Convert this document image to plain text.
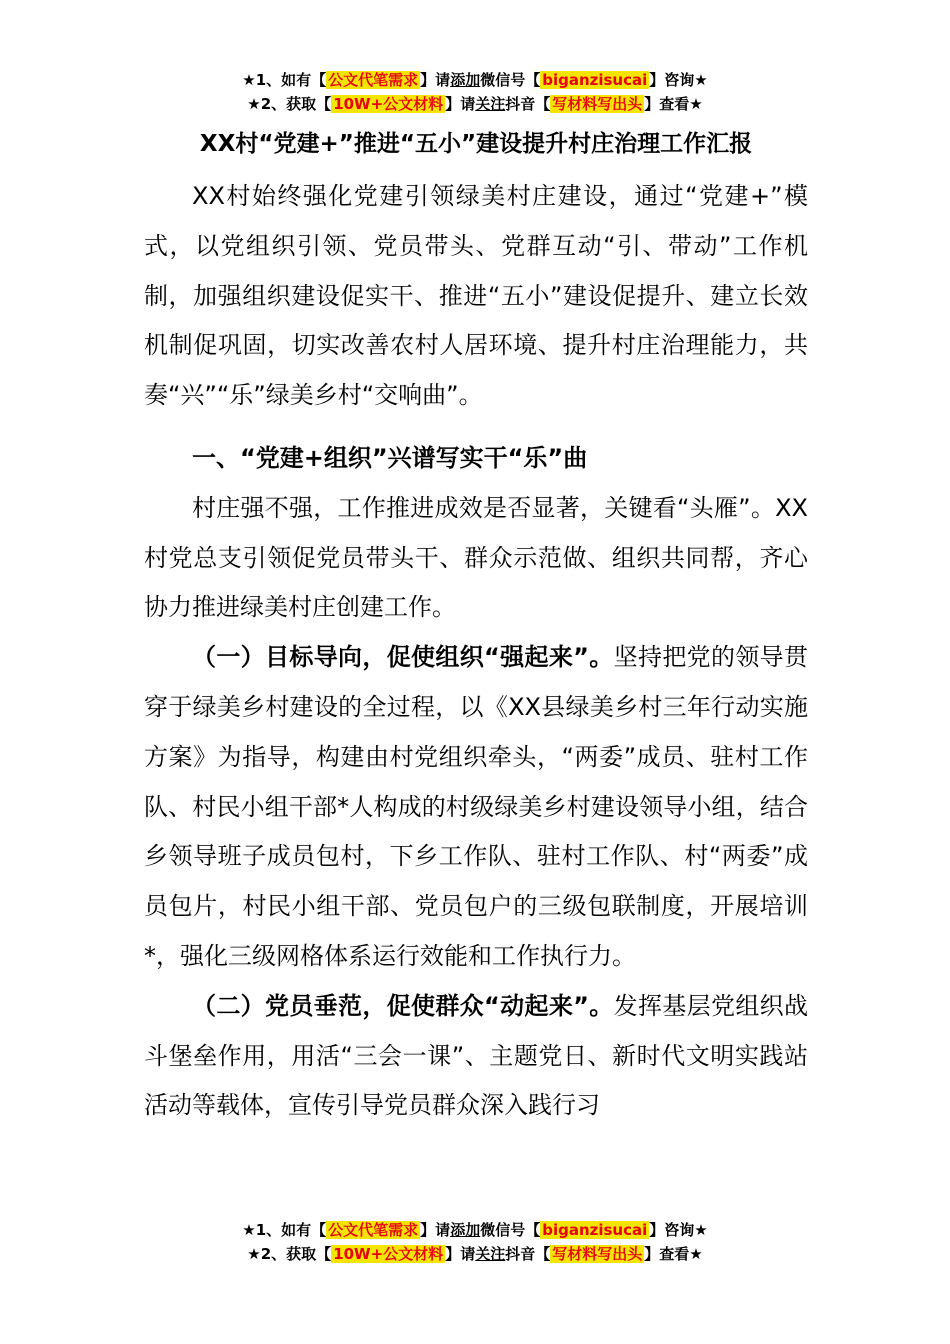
★1、如有【 公文代笔需求 】请添加微信号【 biganzisucai 】咨询★
★2、获取【 10W+公文材料 】请关注抖音【 写材料写出头 】查看★
XX村“党建+”推进“五小”建设提升村庄治理工作汇报

XX村始终强化党建引领绿美村庄建设，通过“党建+”模式，以党组织引领、党员带头、党群互动“引、带动”工作机制，加强组织建设促实干、推进“五小”建设促提升、建立长效机制促巩固，切实改善农村人居环境、提升村庄治理能力，共奏“兴”“乐”绿美乡村“交响曲”。

一、“党建+组织”兴谱写实干“乐”曲

村庄强不强，工作推进成效是否显著，关键看“头雁”。XX村党总支引领促党员带头干、群众示范做、组织共同帮，齐心协力推进绿美村庄创建工作。

（一）目标导向，促使组织“强起来”。坚持把党的领导贯穿于绿美乡村建设的全过程，以《XX县绿美乡村三年行动实施方案》为指导，构建由村党组织牵头，“两委”成员、驻村工作队、村民小组干部*人构成的村级绿美乡村建设领导小组，结合乡领导班子成员包村，下乡工作队、驻村工作队、村“两委”成员包片，村民小组干部、党员包户的三级包联制度，开展培训*，强化三级网格体系运行效能和工作执行力。

（二）党员垂范，促使群众“动起来”。发挥基层党组织战斗堡垒作用，用活“三会一课”、主题党日、新时代文明实践站活动等载体，宣传引导党员群众深入践行习

★1、如有【 公文代笔需求 】请添加微信号【 biganzisucai 】咨询★
★2、获取【 10W+公文材料 】请关注抖音【 写材料写出头 】查看★
